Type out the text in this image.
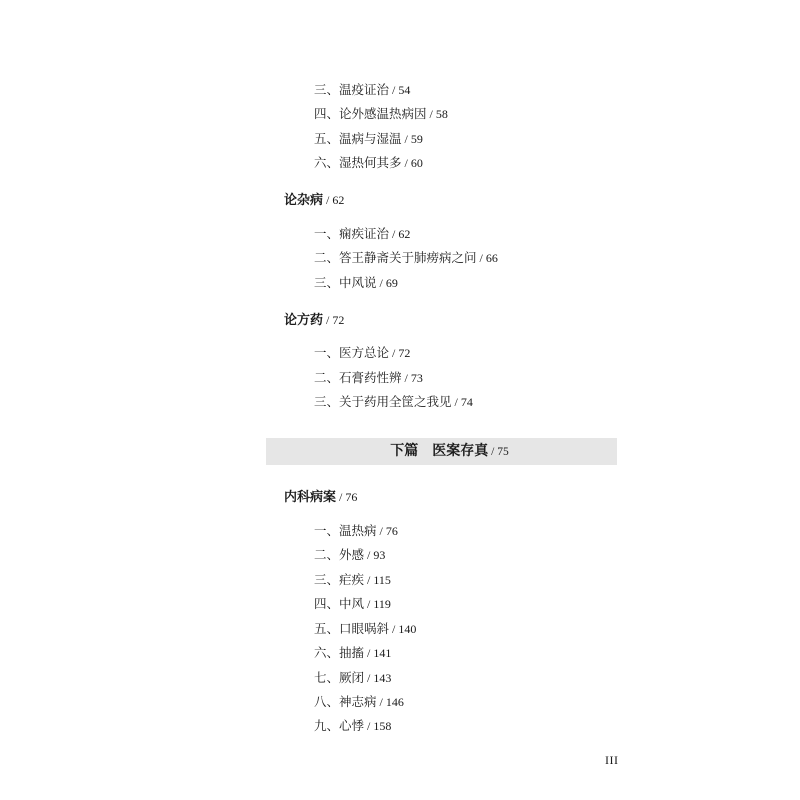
三、温疫证治 / 54
四、论外感温热病因 / 58
五、温病与湿温 / 59
六、湿热何其多 / 60
论杂病 / 62
一、痫疾证治 / 62
二、答王静斋关于肺痨病之问 / 66
三、中风说 / 69
论方药 / 72
一、医方总论 / 72
二、石膏药性辨 / 73
三、关于药用全筐之我见 / 74
下篇　医案存真 / 75
内科病案 / 76
一、温热病 / 76
二、外感 / 93
三、疟疾 / 115
四、中风 / 119
五、口眼㖞斜 / 140
六、抽搐 / 141
七、厥闭 / 143
八、神志病 / 146
九、心悸 / 158
III
